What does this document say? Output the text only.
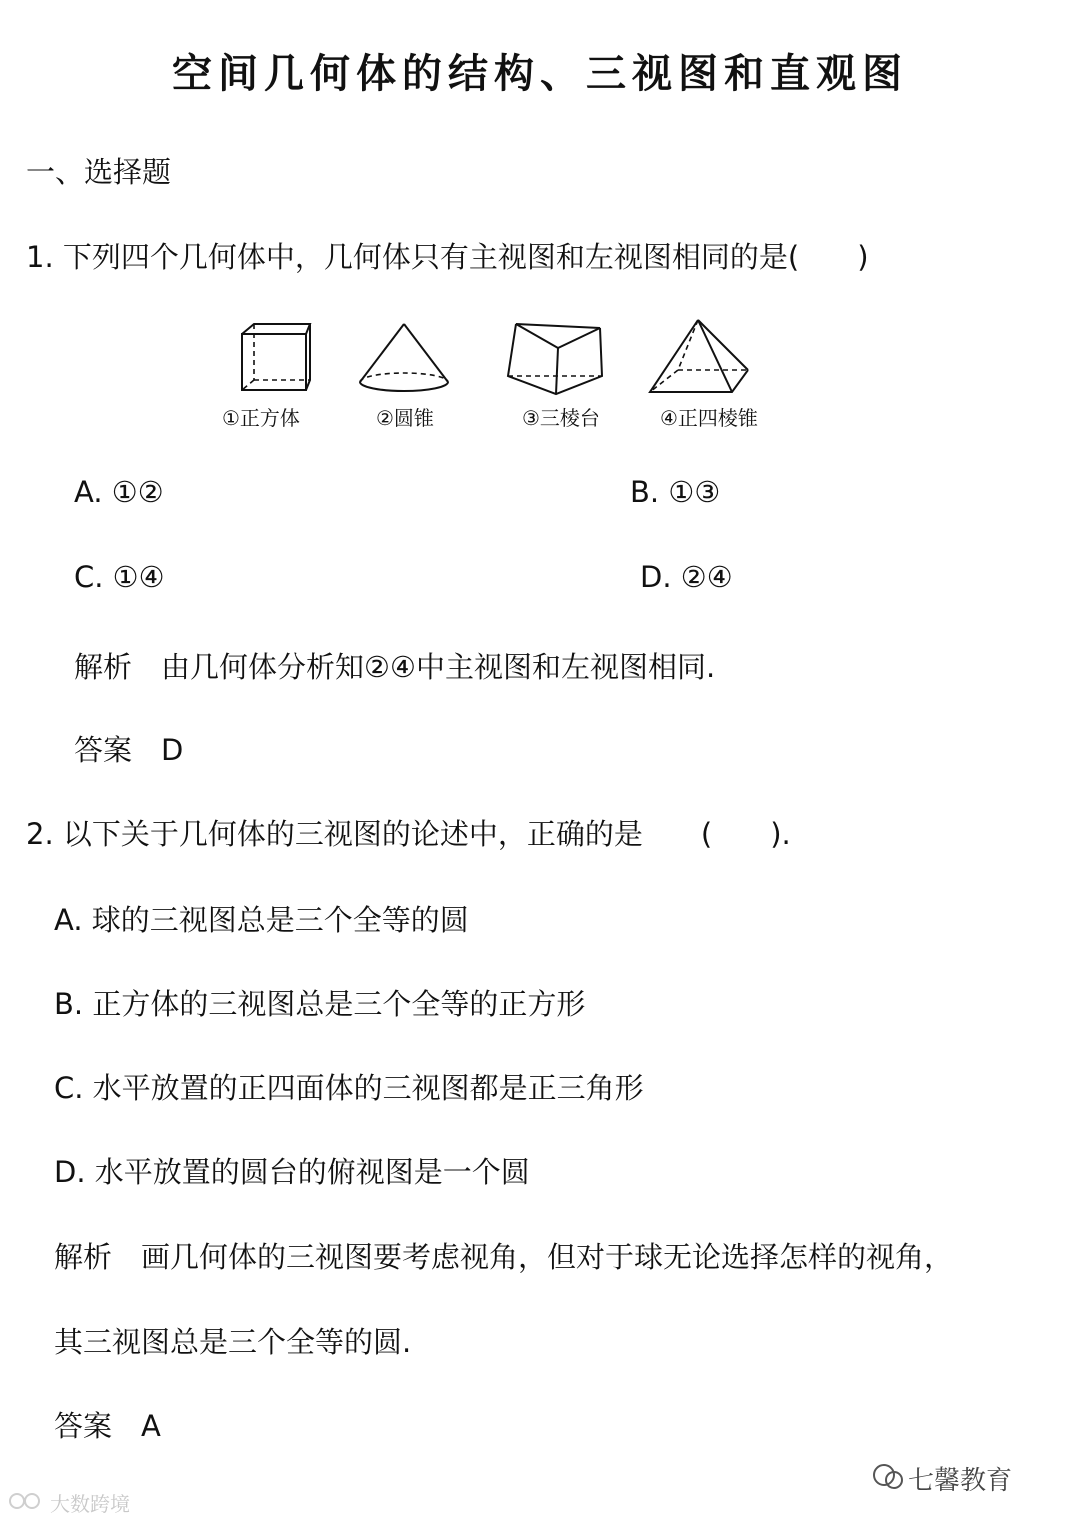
空间几何体的结构、三视图和直观图
一、选择题
1. 下列四个几何体中，几何体只有主视图和左视图相同的是(　　)
①正方体	②圆锥	③三棱台	④正四棱锥
A. ①②	B. ①③
C. ①④	D. ②④
解析　由几何体分析知②④中主视图和左视图相同.
答案　D
2. 以下关于几何体的三视图的论述中，正确的是　　(　　).
A. 球的三视图总是三个全等的圆
B. 正方体的三视图总是三个全等的正方形
C. 水平放置的正四面体的三视图都是正三角形
D. 水平放置的圆台的俯视图是一个圆
解析　画几何体的三视图要考虑视角，但对于球无论选择怎样的视角，
其三视图总是三个全等的圆.
答案　A
大数跨境
七馨教育
